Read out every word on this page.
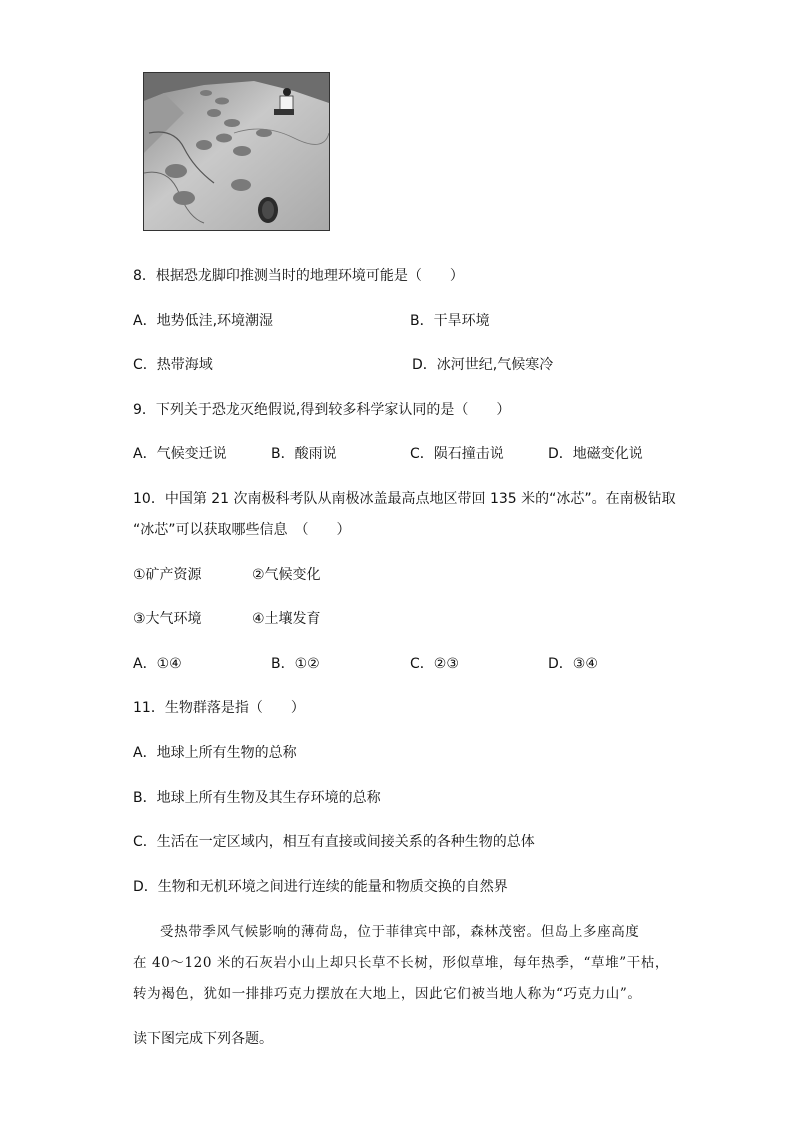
8．根据恐龙脚印推测当时的地理环境可能是（　　）
A．地势低洼,环境潮湿	B．干旱环境
C．热带海域	D．冰河世纪,气候寒冷
9．下列关于恐龙灭绝假说,得到较多科学家认同的是（　　）
A．气候变迁说	B．酸雨说	C．陨石撞击说	D．地磁变化说
10．中国第 21 次南极科考队从南极冰盖最高点地区带回 135 米的“冰芯”。在南极钻取
“冰芯”可以获取哪些信息　（　　）
①矿产资源	②气候变化
③大气环境	④土壤发育
A．①④	B．①②	C．②③	D．③④
11．生物群落是指（　　）
A．地球上所有生物的总称
B．地球上所有生物及其生存环境的总称
C．生活在一定区域内，相互有直接或间接关系的各种生物的总体
D．生物和无机环境之间进行连续的能量和物质交换的自然界
受热带季风气候影响的薄荷岛，位于菲律宾中部，森林茂密。但岛上多座高度
在 40～120 米的石灰岩小山上却只长草不长树，形似草堆，每年热季，“草堆”干枯，
转为褐色，犹如一排排巧克力摆放在大地上，因此它们被当地人称为“巧克力山”。
读下图完成下列各题。
